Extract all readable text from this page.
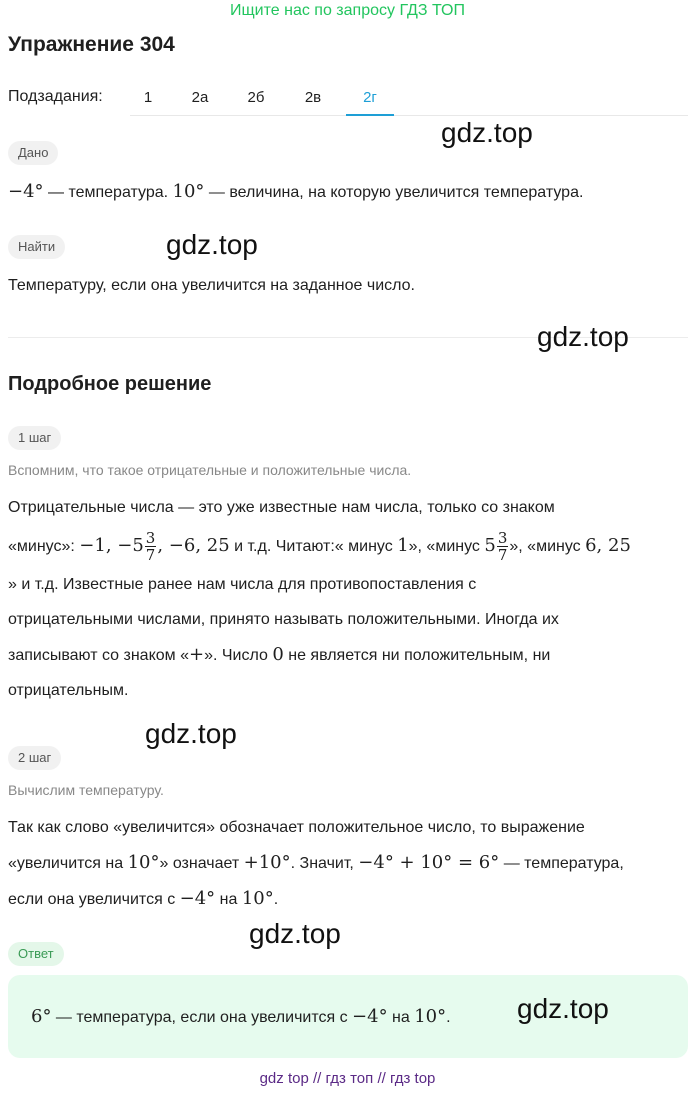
Ищите нас по запросу ГДЗ ТОП
Упражнение 304
Подзадания:	1	2а	2б	2в	2г
Дано
−4° — температура. 10° — величина, на которую увеличится температура.
Найти
Температуру, если она увеличится на заданное число.
Подробное решение
1 шаг
Вспомним, что такое отрицательные и положительные числа.
Отрицательные числа — это уже известные нам числа, только со знаком
«минус»: −1, $-5 \frac{3}{7}$ , −6, 25 и т.д. Читают:« минус 1», «минус $5 \frac{3}{7}$ », «минус 6, 25
» и т.д. Известные ранее нам числа для противопоставления с
отрицательными числами, принято называть положительными. Иногда их
записывают со знаком «+». Число 0 не является ни положительным, ни
отрицательным.
2 шаг
Вычислим температуру.
Так как слово «увеличится» обозначает положительное число, то выражение
«увеличится на 10°» означает +10°. Значит, −4° + 10° = 6° — температура,
если она увеличится с −4° на 10°.
Ответ
6° — температура, если она увеличится с −4° на 10°.
gdz.top
gdz.top
gdz.top
gdz.top
gdz.top
gdz.top
gdz top // гдз топ // гдз top
